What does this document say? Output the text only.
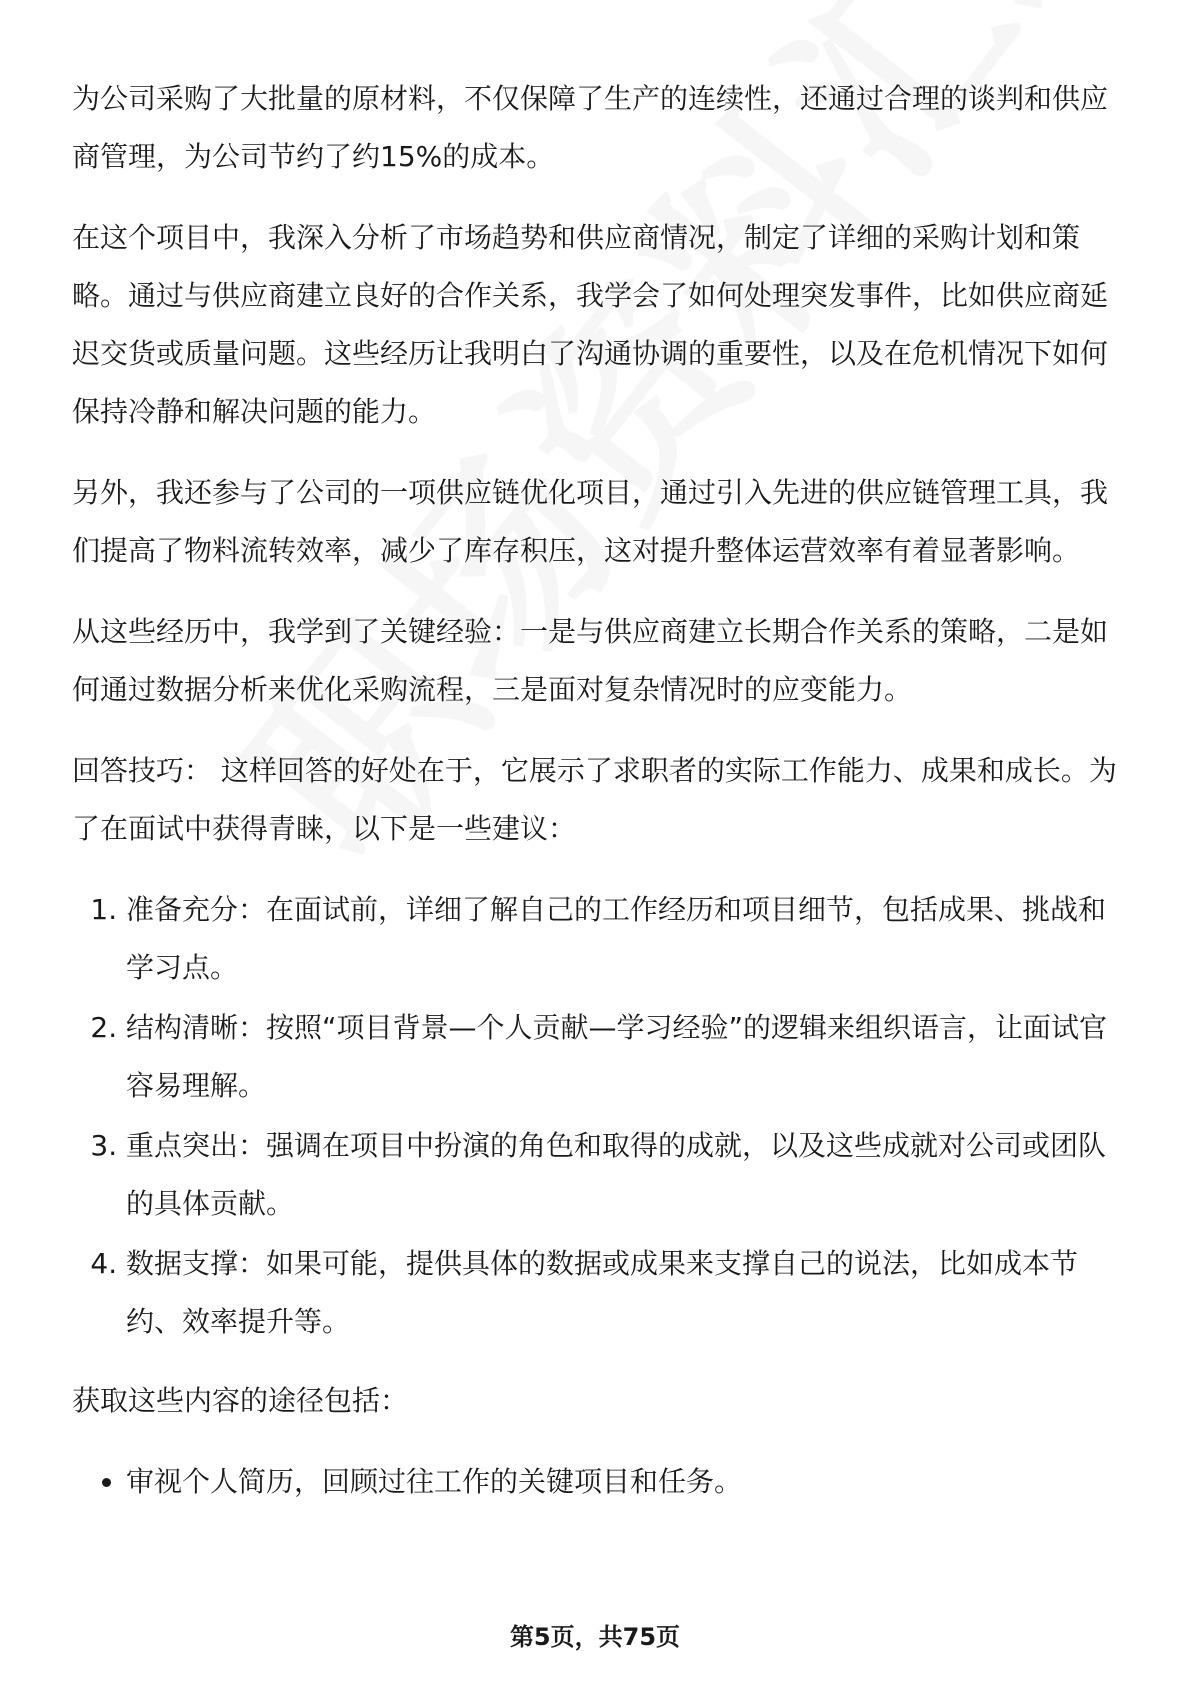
为公司采购了大批量的原材料，不仅保障了生产的连续性，还通过合理的谈判和供应商管理，为公司节约了约15%的成本。

在这个项目中，我深入分析了市场趋势和供应商情况，制定了详细的采购计划和策略。通过与供应商建立良好的合作关系，我学会了如何处理突发事件，比如供应商延迟交货或质量问题。这些经历让我明白了沟通协调的重要性，以及在危机情况下如何保持冷静和解决问题的能力。

另外，我还参与了公司的一项供应链优化项目，通过引入先进的供应链管理工具，我们提高了物料流转效率，减少了库存积压，这对提升整体运营效率有着显著影响。

从这些经历中，我学到了关键经验：一是与供应商建立长期合作关系的策略，二是如何通过数据分析来优化采购流程，三是面对复杂情况时的应变能力。

回答技巧： 这样回答的好处在于，它展示了求职者的实际工作能力、成果和成长。为了在面试中获得青睐，以下是一些建议：

1. 准备充分：在面试前，详细了解自己的工作经历和项目细节，包括成果、挑战和学习点。
2. 结构清晰：按照“项目背景—个人贡献—学习经验”的逻辑来组织语言，让面试官容易理解。
3. 重点突出：强调在项目中扮演的角色和取得的成就，以及这些成就对公司或团队的具体贡献。
4. 数据支撑：如果可能，提供具体的数据或成果来支撑自己的说法，比如成本节约、效率提升等。

获取这些内容的途径包括：

• 审视个人简历，回顾过往工作的关键项目和任务。
第5页，共75页
